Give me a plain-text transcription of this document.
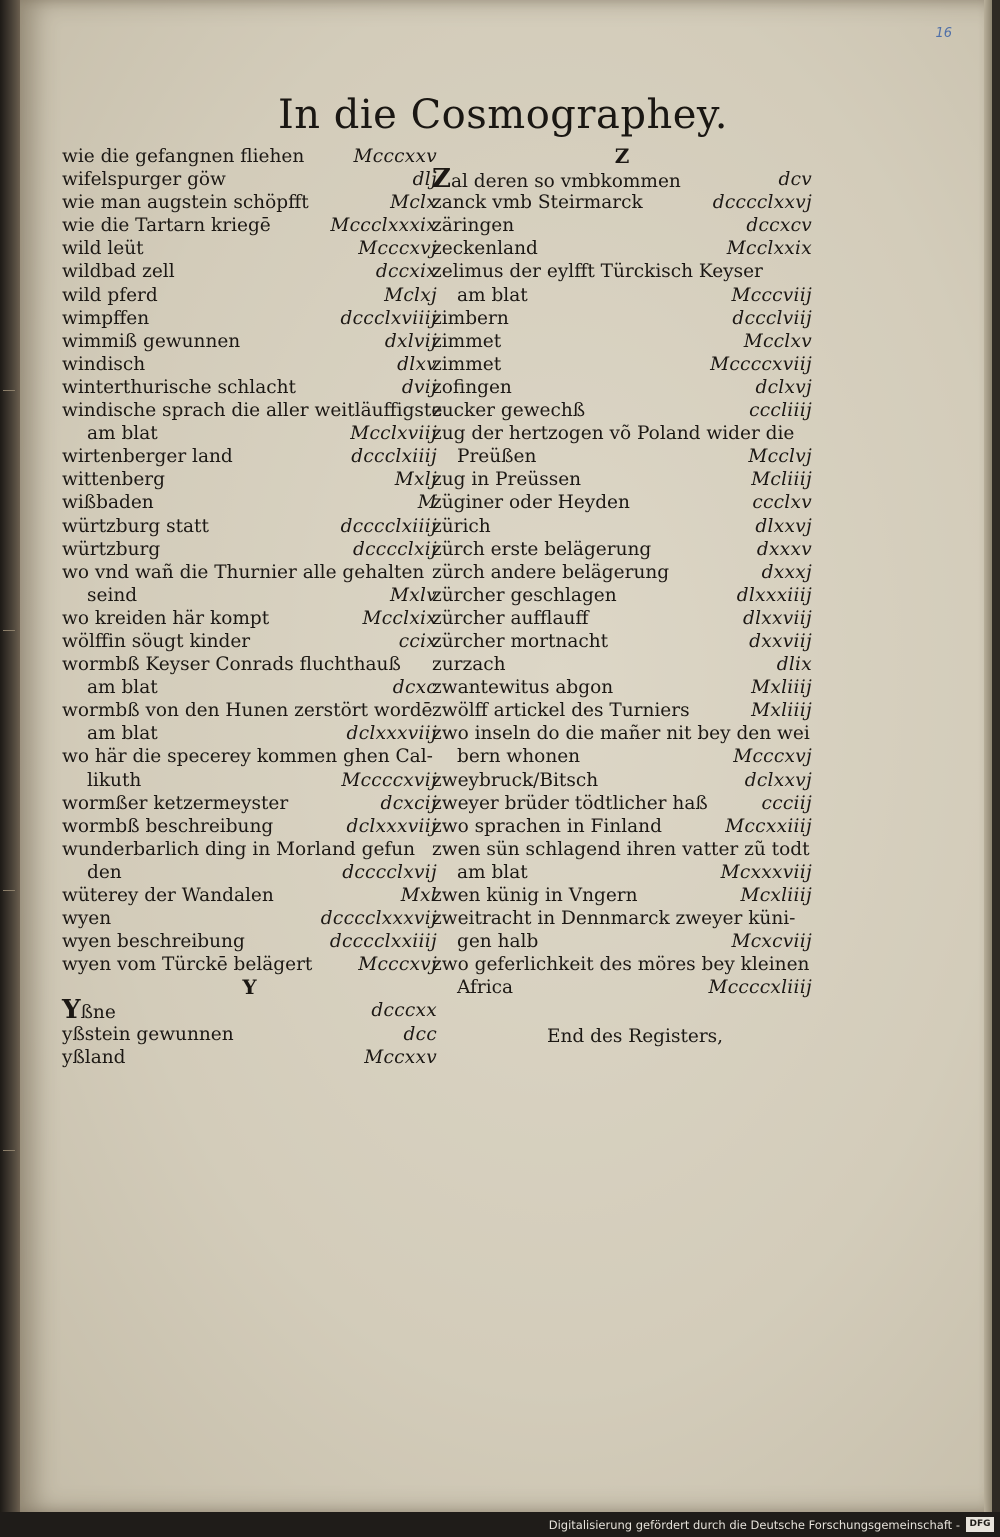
16
In die Cosmographey.
wie die gefangnen fliehen	Mcccxxv
wifelspurger göw	dlj
wie man augstein schöpfft	Mclx
wie die Tartarn kriegē	Mccclxxxix
wild leüt	Mcccxvj
wildbad zell	dccxix
wild pferd	Mclxj
wimpffen	dccclxviiij
wimmiß gewunnen	dxlvij
windisch	dlxv
winterthurische schlacht	dvij
windische sprach die aller weitläuffigste
am blat	Mcclxviij
wirtenberger land	dccclxiiij
wittenberg	Mxlj
wißbaden	M
würtzburg statt	dcccclxiiij
würtzburg	dcccclxij
wo vnd wañ die Thurnier alle gehalten
seind	Mxlv
wo kreiden här kompt	Mcclxix
wölffin söugt kinder	ccix
wormbß Keyser Conrads fluchthauß
am blat	dcxc
wormbß von den Hunen zerstört wordē
am blat	dclxxxviij
wo här die specerey kommen ghen Cal-
likuth	Mccccxvij
wormßer ketzermeyster	dcxcij
wormbß beschreibung	dclxxxviij
wunderbarlich ding in Morland gefun
den	dcccclxvij
wüterey der Wandalen	Mxl
wyen	dcccclxxxvij
wyen beschreibung	dcccclxxiiij
wyen vom Türckē belägert Mcccxvj
Y
Yßne	dcccxx
yßstein gewunnen	dcc
yßland	Mccxxv
Z
Zal deren so vmbkommen	dcv
zanck vmb Steirmarck	dcccclxxvj
zäringen	dccxcv
zeckenland	Mcclxxix
zelimus der eylfft Türckisch Keyser
am blat	Mcccviij
zimbern	dccclviij
zimmet	Mcclxv
zimmet	Mccccxviij
zofingen	dclxvj
zucker gewechß	cccliiij
zug der hertzogen võ Poland wider die
Preüßen	Mcclvj
zug in Preüssen	Mcliiij
züginer oder Heyden	ccclxv
zürich	dlxxvj
zürch erste belägerung	dxxxv
zürch andere belägerung	dxxxj
zürcher geschlagen	dlxxxiiij
zürcher aufflauff	dlxxviij
zürcher mortnacht	dxxviij
zurzach	dlix
zwantewitus abgon	Mxliiij
zwölff artickel des Turniers	Mxliiij
zwo inseln do die mañer nit bey den wei
bern whonen	Mcccxvj
zweybruck/Bitsch	dclxxvj
zweyer brüder tödtlicher haß	ccciij
zwo sprachen in Finland	Mccxxiiij
zwen sün schlagend ihren vatter zũ todt
am blat	Mcxxxviij
zwen künig in Vngern	Mcxliiij
zweitracht in Dennmarck zweyer küni-
gen halb	Mcxcviij
zwo geferlichkeit des möres bey kleinen
Africa	Mccccxliiij
End des Registers,
Digitalisierung gefördert durch die Deutsche Forschungsgemeinschaft -	DFG
